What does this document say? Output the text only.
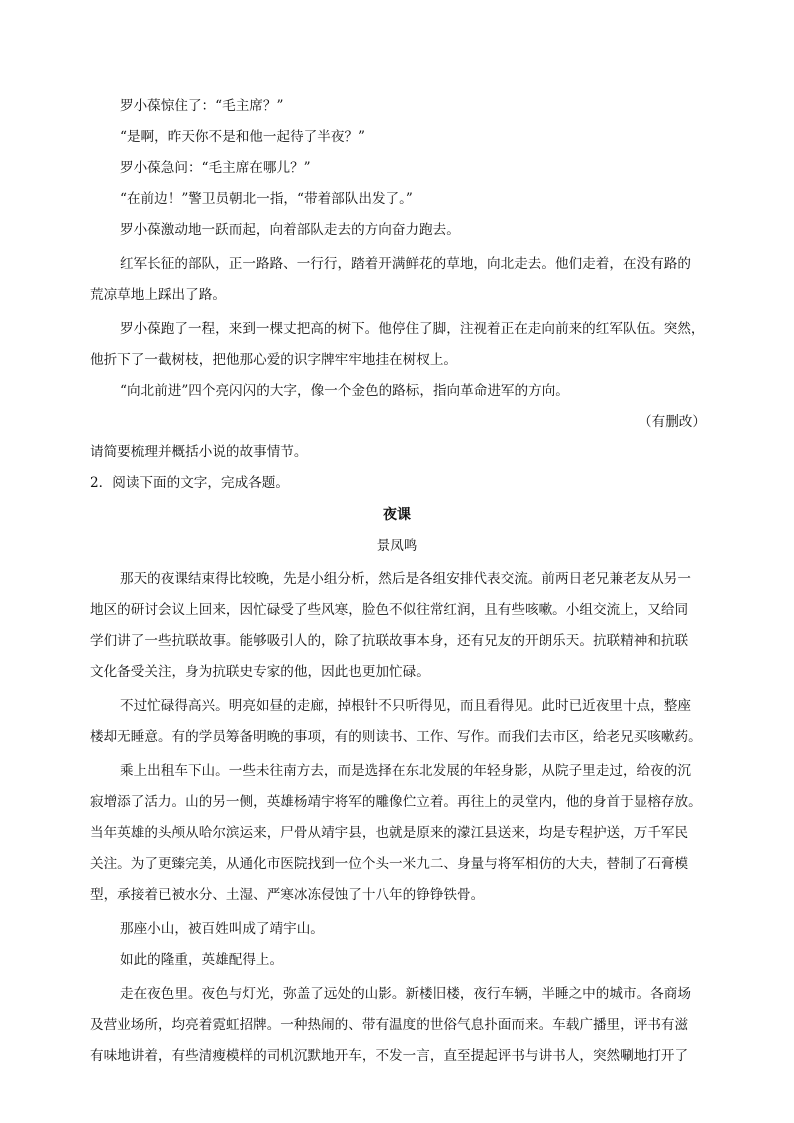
罗小葆惊住了：“毛主席？”
“是啊，昨天你不是和他一起待了半夜？”
罗小葆急问：“毛主席在哪儿？”
“在前边！”警卫员朝北一指，“带着部队出发了。”
罗小葆激动地一跃而起，向着部队走去的方向奋力跑去。
红军长征的部队，正一路路、一行行，踏着开满鲜花的草地，向北走去。他们走着，在没有路的
荒凉草地上踩出了路。
罗小葆跑了一程，来到一棵丈把高的树下。他停住了脚，注视着正在走向前来的红军队伍。突然，
他折下了一截树枝，把他那心爱的识字牌牢牢地挂在树杈上。
“向北前进”四个亮闪闪的大字，像一个金色的路标，指向革命进军的方向。
（有删改）
请简要梳理并概括小说的故事情节。
2．阅读下面的文字，完成各题。
夜课
景凤鸣
那天的夜课结束得比较晚，先是小组分析，然后是各组安排代表交流。前两日老兄兼老友从另一
地区的研讨会议上回来，因忙碌受了些风寒，脸色不似往常红润，且有些咳嗽。小组交流上，又给同
学们讲了一些抗联故事。能够吸引人的，除了抗联故事本身，还有兄友的开朗乐天。抗联精神和抗联
文化备受关注，身为抗联史专家的他，因此也更加忙碌。
不过忙碌得高兴。明亮如昼的走廊，掉根针不只听得见，而且看得见。此时已近夜里十点，整座
楼却无睡意。有的学员筹备明晚的事项，有的则读书、工作、写作。而我们去市区，给老兄买咳嗽药。
乘上出租车下山。一些未往南方去，而是选择在东北发展的年轻身影，从院子里走过，给夜的沉
寂增添了活力。山的另一侧，英雄杨靖宇将军的雕像伫立着。再往上的灵堂内，他的身首于显榕存放。
当年英雄的头颅从哈尔滨运来，尸骨从靖宇县，也就是原来的濛江县送来，均是专程护送，万千军民
关注。为了更臻完美，从通化市医院找到一位个头一米九二、身量与将军相仿的大夫，替制了石膏模
型，承接着已被水分、土湿、严寒冰冻侵蚀了十八年的铮铮铁骨。
那座小山，被百姓叫成了靖宇山。
如此的隆重，英雄配得上。
走在夜色里。夜色与灯光，弥盖了远处的山影。新楼旧楼，夜行车辆，半睡之中的城市。各商场
及营业场所，均亮着霓虹招牌。一种热闹的、带有温度的世俗气息扑面而来。车载广播里，评书有滋
有味地讲着，有些清瘦模样的司机沉默地开车，不发一言，直至提起评书与讲书人，突然唰地打开了
